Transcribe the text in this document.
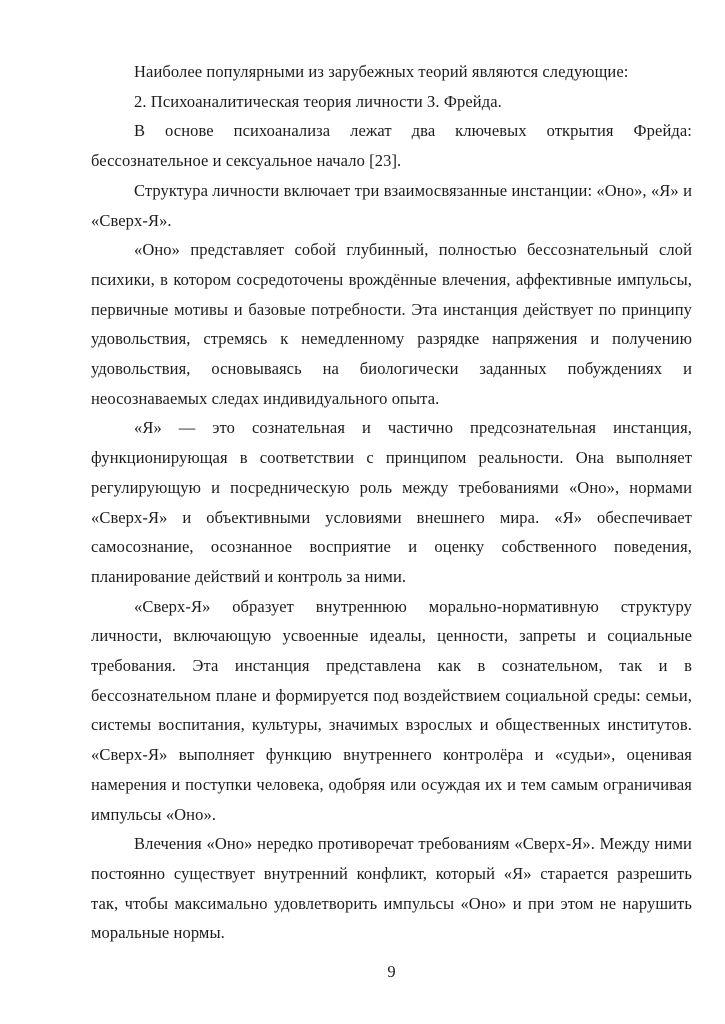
Наиболее популярными из зарубежных теорий являются следующие:

2. Психоаналитическая теория личности З. Фрейда.

В основе психоанализа лежат два ключевых открытия Фрейда: бессознательное и сексуальное начало [23].

Структура личности включает три взаимосвязанные инстанции: «Оно», «Я» и «Сверх-Я».

«Оно» представляет собой глубинный, полностью бессознательный слой психики, в котором сосредоточены врождённые влечения, аффективные импульсы, первичные мотивы и базовые потребности. Эта инстанция действует по принципу удовольствия, стремясь к немедленному разрядке напряжения и получению удовольствия, основываясь на биологически заданных побуждениях и неосознаваемых следах индивидуального опыта.

«Я» — это сознательная и частично предсознательная инстанция, функционирующая в соответствии с принципом реальности. Она выполняет регулирующую и посредническую роль между требованиями «Оно», нормами «Сверх-Я» и объективными условиями внешнего мира. «Я» обеспечивает самосознание, осознанное восприятие и оценку собственного поведения, планирование действий и контроль за ними.

«Сверх-Я» образует внутреннюю морально-нормативную структуру личности, включающую усвоенные идеалы, ценности, запреты и социальные требования. Эта инстанция представлена как в сознательном, так и в бессознательном плане и формируется под воздействием социальной среды: семьи, системы воспитания, культуры, значимых взрослых и общественных институтов. «Сверх-Я» выполняет функцию внутреннего контролёра и «судьи», оценивая намерения и поступки человека, одобряя или осуждая их и тем самым ограничивая импульсы «Оно».

Влечения «Оно» нередко противоречат требованиям «Сверх-Я». Между ними постоянно существует внутренний конфликт, который «Я» старается разрешить так, чтобы максимально удовлетворить импульсы «Оно» и при этом не нарушить моральные нормы.

9
